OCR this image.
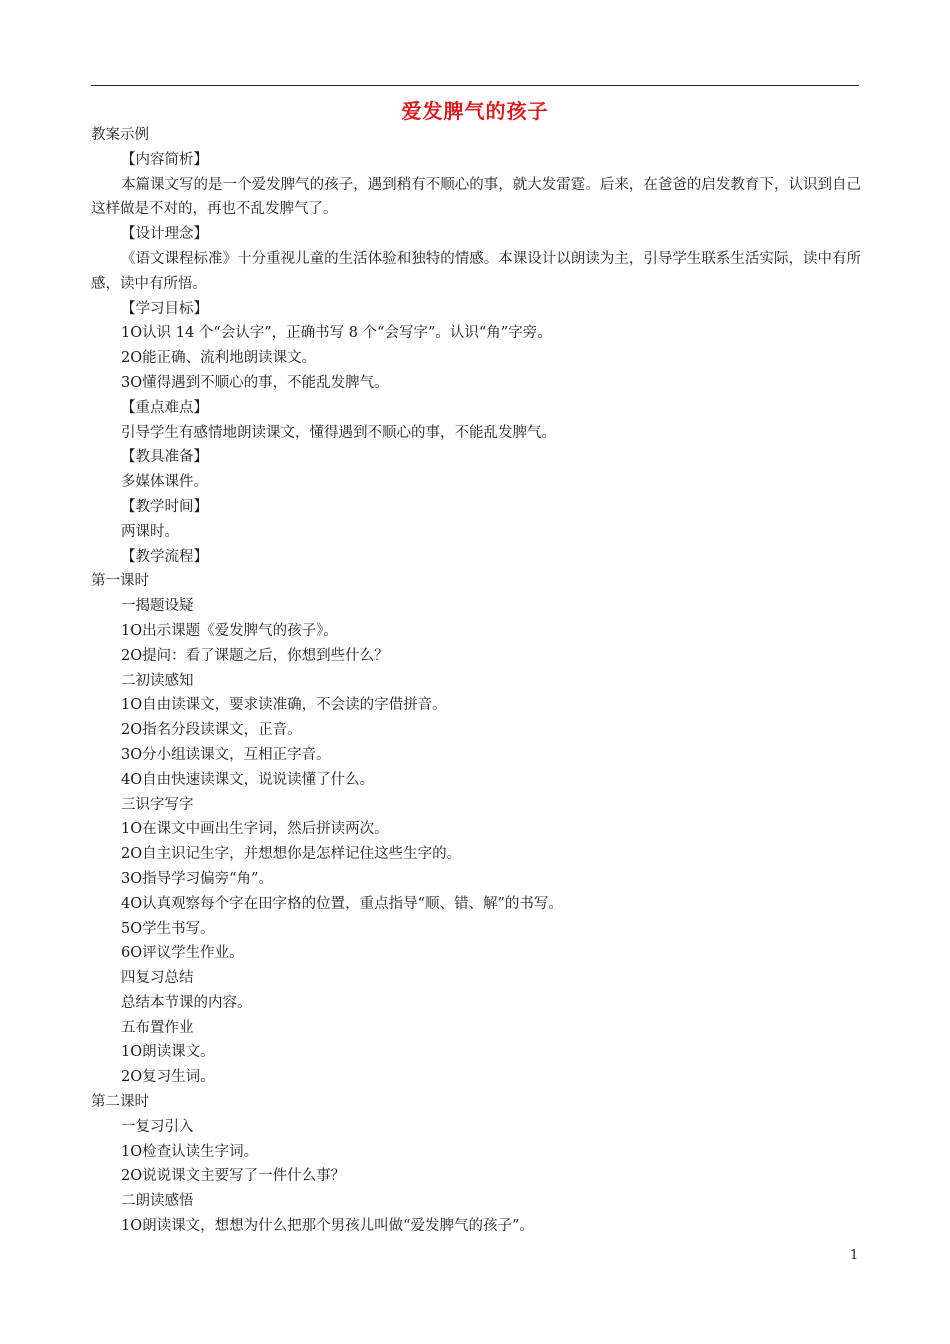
爱发脾气的孩子
教案示例
【内容简析】
本篇课文写的是一个爱发脾气的孩子，遇到稍有不顺心的事，就大发雷霆。后来，在爸爸的启发教育下，认识到自己这样做是不对的，再也不乱发脾气了。
【设计理念】
《语文课程标准》十分重视儿童的生活体验和独特的情感。本课设计以朗读为主，引导学生联系生活实际，读中有所感，读中有所悟。
【学习目标】
1O认识 14 个“会认字”，正确书写 8 个“会写字”。认识“角”字旁。
2O能正确、流利地朗读课文。
3O懂得遇到不顺心的事，不能乱发脾气。
【重点难点】
引导学生有感情地朗读课文，懂得遇到不顺心的事，不能乱发脾气。
【教具准备】
多媒体课件。
【教学时间】
两课时。
【教学流程】
第一课时
一揭题设疑
1O出示课题《爱发脾气的孩子》。
2O提问：看了课题之后，你想到些什么？
二初读感知
1O自由读课文，要求读准确，不会读的字借拼音。
2O指名分段读课文，正音。
3O分小组读课文，互相正字音。
4O自由快速读课文，说说读懂了什么。
三识字写字
1O在课文中画出生字词，然后拼读两次。
2O自主识记生字，并想想你是怎样记住这些生字的。
3O指导学习偏旁“角”。
4O认真观察每个字在田字格的位置，重点指导“顺、错、解”的书写。
5O学生书写。
6O评议学生作业。
四复习总结
总结本节课的内容。
五布置作业
1O朗读课文。
2O复习生词。
第二课时
一复习引入
1O检查认读生字词。
2O说说课文主要写了一件什么事？
二朗读感悟
1O朗读课文，想想为什么把那个男孩儿叫做“爱发脾气的孩子”。
1
